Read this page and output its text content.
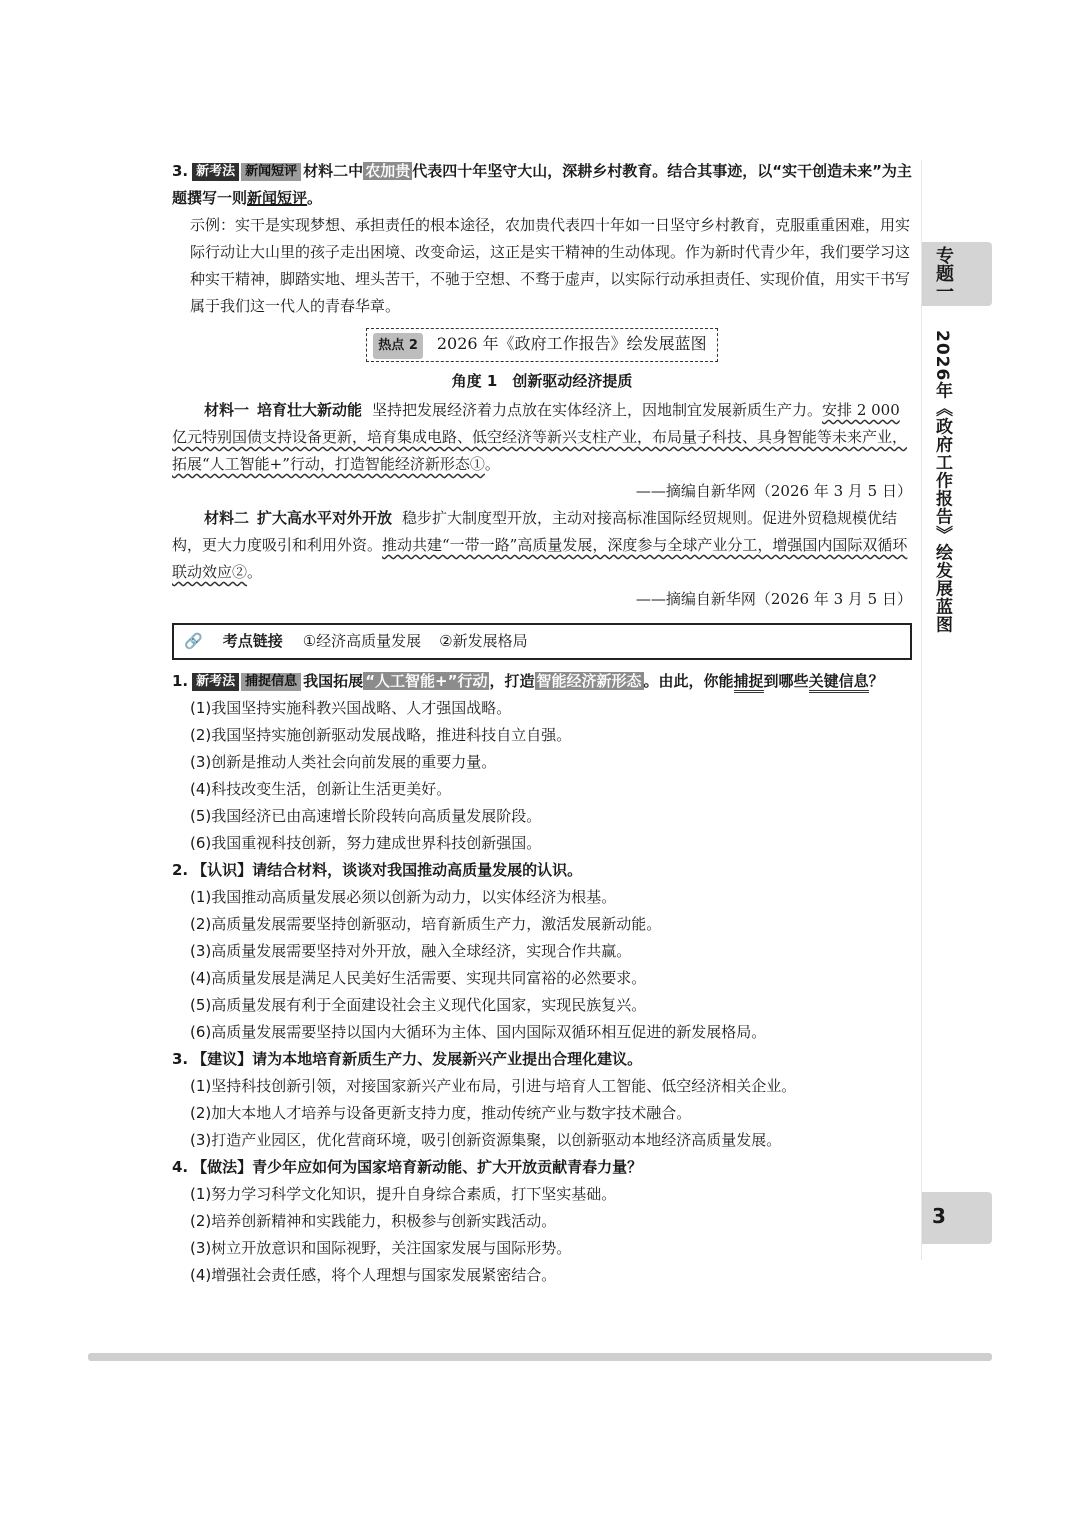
3. 新考法 新闻短评 材料二中 农加贵 代表四十年坚守大山，深耕乡村教育。结合其事迹，以“实干创造未来”为主题撰写一则新闻短评。
示例：实干是实现梦想、承担责任的根本途径，农加贵代表四十年如一日坚守乡村教育，克服重重困难，用实际行动让大山里的孩子走出困境、改变命运，这正是实干精神的生动体现。作为新时代青少年，我们要学习这种实干精神，脚踏实地、埋头苦干，不驰于空想、不骛于虚声，以实际行动承担责任、实现价值，用实干书写属于我们这一代人的青春华章。
热点 2 2026 年《政府工作报告》绘发展蓝图
角度 1　创新驱动经济提质
材料一 培育壮大新动能 坚持把发展经济着力点放在实体经济上，因地制宜发展新质生产力。安排 2 000 亿元特别国债支持设备更新，培育集成电路、低空经济等新兴支柱产业，布局量子科技、具身智能等未来产业，拓展“人工智能+”行动，打造智能经济新形态①。
——摘编自新华网（2026 年 3 月 5 日）
材料二 扩大高水平对外开放 稳步扩大制度型开放，主动对接高标准国际经贸规则。促进外贸稳规模优结构，更大力度吸引和利用外资。推动共建“一带一路”高质量发展，深度参与全球产业分工，增强国内国际双循环联动效应②。
——摘编自新华网（2026 年 3 月 5 日）
🔗 考点链接 ①经济高质量发展 ②新发展格局
1. 新考法 捕捉信息 我国拓展 “人工智能+”行动 ，打造 智能经济新形态 。由此，你能捕捉到哪些关键信息？
(1)我国坚持实施科教兴国战略、人才强国战略。
(2)我国坚持实施创新驱动发展战略，推进科技自立自强。
(3)创新是推动人类社会向前发展的重要力量。
(4)科技改变生活，创新让生活更美好。
(5)我国经济已由高速增长阶段转向高质量发展阶段。
(6)我国重视科技创新，努力建成世界科技创新强国。
2. 【认识】请结合材料，谈谈对我国推动高质量发展的认识。
(1)我国推动高质量发展必须以创新为动力，以实体经济为根基。
(2)高质量发展需要坚持创新驱动，培育新质生产力，激活发展新动能。
(3)高质量发展需要坚持对外开放，融入全球经济，实现合作共赢。
(4)高质量发展是满足人民美好生活需要、实现共同富裕的必然要求。
(5)高质量发展有利于全面建设社会主义现代化国家，实现民族复兴。
(6)高质量发展需要坚持以国内大循环为主体、国内国际双循环相互促进的新发展格局。
3. 【建议】请为本地培育新质生产力、发展新兴产业提出合理化建议。
(1)坚持科技创新引领，对接国家新兴产业布局，引进与培育人工智能、低空经济相关企业。
(2)加大本地人才培养与设备更新支持力度，推动传统产业与数字技术融合。
(3)打造产业园区，优化营商环境，吸引创新资源集聚，以创新驱动本地经济高质量发展。
4. 【做法】青少年应如何为国家培育新动能、扩大开放贡献青春力量？
(1)努力学习科学文化知识，提升自身综合素质，打下坚实基础。
(2)培养创新精神和实践能力，积极参与创新实践活动。
(3)树立开放意识和国际视野，关注国家发展与国际形势。
(4)增强社会责任感，将个人理想与国家发展紧密结合。
专题一
2026年《政府工作报告》绘发展蓝图
3
